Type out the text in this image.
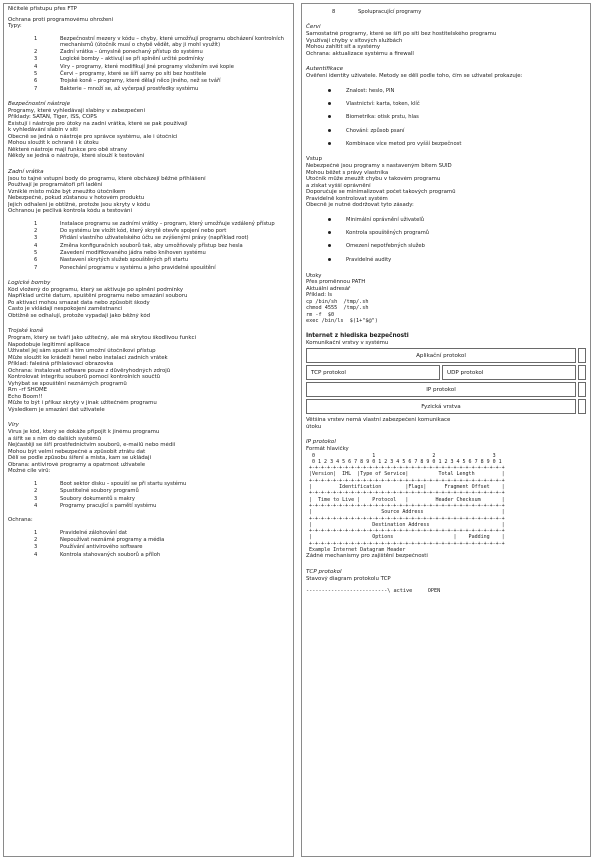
Ničitelé přístupu přes FTP
Ochrana proti programovému ohrožení
Typy:
1	Bezpečnostní mezery v kódu – chyby, které umožňují programu obcházení kontrolních mechanismů (útočník musí o chybě vědět, aby ji mohl využít)
2	Zadní vrátka – úmyslně ponechaný přístup do systému
3	Logické bomby – aktivují se při splnění určité podmínky
4	Viry – programy, které modifikují jiné programy vložením své kopie
5	Červi – programy, které se šíří samy po síti bez hostitele
6	Trojské koně – programy, které dělají něco jiného, než se tváří
7	Bakterie – množí se, až vyčerpají prostředky systému
Bezpečnostní nástroje
Programy, které vyhledávají slabiny v zabezpečení
Příklady: SATAN, Tiger, ISS, COPS
Existují i nástroje pro útoky na zadní vrátka, které se pak používají
k vyhledávání slabin v síti
Obecně se jedná o nástroje pro správce systému, ale i útočníci
Mohou sloužit k ochraně i k útoku
Některé nástroje mají funkce pro obě strany
Někdy se jedná o nástroje, které slouží k testování
Zadní vrátka
Jsou to tajné vstupní body do programu, které obcházejí běžné přihlášení
Používají je programátoři při ladění
Vzniklé místo může být zneužito útočníkem
Nebezpečné, pokud zůstanou v hotovém produktu
Jejich odhalení je obtížné, protože jsou skryty v kódu
Ochranou je pečlivá kontrola kódu a testování
1	Instalace programu se zadními vrátky – program, který umožňuje vzdálený přístup
2	Do systému lze vložit kód, který skrytě otevře spojení nebo port
3	Přidání vlastního uživatelského účtu se zvýšenými právy (například root)
4	Změna konfiguračních souborů tak, aby umožňovaly přístup bez hesla
5	Zavedení modifikovaného jádra nebo knihoven systému
6	Nastavení skrytých služeb spouštěných při startu
7	Ponechání programu v systému a jeho pravidelné spouštění
Logické bomby
Kód vložený do programu, který se aktivuje po splnění podmínky
Například určité datum, spuštění programu nebo smazání souboru
Po aktivaci mohou smazat data nebo způsobit škody
Často je vkládají nespokojení zaměstnanci
Obtížně se odhalují, protože vypadají jako běžný kód
Trojské koně
Program, který se tváří jako užitečný, ale má skrytou škodlivou funkci
Napodobuje legitimní aplikace
Uživatel jej sám spustí a tím umožní útočníkovi přístup
Může sloužit ke krádeži hesel nebo instalaci zadních vrátek
Příklad: falešná přihlašovací obrazovka
Ochrana: instalovat software pouze z důvěryhodných zdrojů
Kontrolovat integritu souborů pomocí kontrolních součtů
Vyhýbat se spouštění neznámých programů
Rm –rf SHOME
Echo Boom!!
Může to být i příkaz skrytý v jinak užitečném programu
Výsledkem je smazání dat uživatele
Viry
Virus je kód, který se dokáže připojit k jinému programu
a šířit se s ním do dalších systémů
Nejčastěji se šíří prostřednictvím souborů, e-mailů nebo médií
Mohou být velmi nebezpečné a způsobit ztrátu dat
Dělí se podle způsobu šíření a místa, kam se ukládají
Obrana: antivirové programy a opatrnost uživatele
Možné cíle virů:
1	Boot sektor disku – spouští se při startu systému
2	Spustitelné soubory programů
3	Soubory dokumentů s makry
4	Programy pracující s pamětí systému
Ochrana:
1	Pravidelné zálohování dat
2	Nepoužívat neznámé programy a média
3	Používání antivirového software
4	Kontrola stahovaných souborů a příloh
8	Spolupracující programy
Červi
Samostatné programy, které se šíří po síti bez hostitelského programu
Využívají chyby v síťových službách
Mohou zahltit síť a systémy
Ochrana: aktualizace systému a firewall
Autentifikace
Ověření identity uživatele. Metody se dělí podle toho, čím se uživatel prokazuje:
Znalost: heslo, PIN
Vlastnictví: karta, token, klíč
Biometrika: otisk prstu, hlas
Chování: způsob psaní
Kombinace více metod pro vyšší bezpečnost
Vstup
Nebezpečné jsou programy s nastaveným bitem SUID
Mohou běžet s právy vlastníka
Útočník může zneužít chybu v takovém programu
a získat vyšší oprávnění
Doporučuje se minimalizovat počet takových programů
Pravidelně kontrolovat systém
Obecně je nutné dodržovat tyto zásady:
Minimální oprávnění uživatelů
Kontrola spouštěných programů
Omezení nepotřebných služeb
Pravidelné audity
Útoky
Přes proměnnou PATH
Aktuální adresář
Příklad: ls
cp /bin/sh  /tmp/.sh
chmod 4555  /tmp/.sh
rm -f  $0
exec /bin/ls  $(1+"$@")
Internet z hlediska bezpečnosti
Komunikační vrstvy v systému
Aplikační protokol
TCP protokol	UDP protokol
IP protokol
Fyzická vrstva
Většina vrstev nemá vlastní zabezpečení komunikace
útoku
IP protokol
Formát hlavičky
0                   1                   2                   3
0 1 2 3 4 5 6 7 8 9 0 1 2 3 4 5 6 7 8 9 0 1 2 3 4 5 6 7 8 9 0 1
+-+-+-+-+-+-+-+-+-+-+-+-+-+-+-+-+-+-+-+-+-+-+-+-+-+-+-+-+-+-+-+-+
|Version|  IHL  |Type of Service|          Total Length         |
+-+-+-+-+-+-+-+-+-+-+-+-+-+-+-+-+-+-+-+-+-+-+-+-+-+-+-+-+-+-+-+-+
|         Identification        |Flags|      Fragment Offset    |
+-+-+-+-+-+-+-+-+-+-+-+-+-+-+-+-+-+-+-+-+-+-+-+-+-+-+-+-+-+-+-+-+
|  Time to Live |    Protocol   |         Header Checksum       |
+-+-+-+-+-+-+-+-+-+-+-+-+-+-+-+-+-+-+-+-+-+-+-+-+-+-+-+-+-+-+-+-+
|                       Source Address                          |
+-+-+-+-+-+-+-+-+-+-+-+-+-+-+-+-+-+-+-+-+-+-+-+-+-+-+-+-+-+-+-+-+
|                    Destination Address                        |
+-+-+-+-+-+-+-+-+-+-+-+-+-+-+-+-+-+-+-+-+-+-+-+-+-+-+-+-+-+-+-+-+
|                    Options                    |    Padding    |
+-+-+-+-+-+-+-+-+-+-+-+-+-+-+-+-+-+-+-+-+-+-+-+-+-+-+-+-+-+-+-+-+
Example Internet Datagram Header
Žádné mechanismy pro zajištění bezpečnosti
TCP protokol
Stavový diagram protokolu TCP
--------------------------\ active     OPEN
